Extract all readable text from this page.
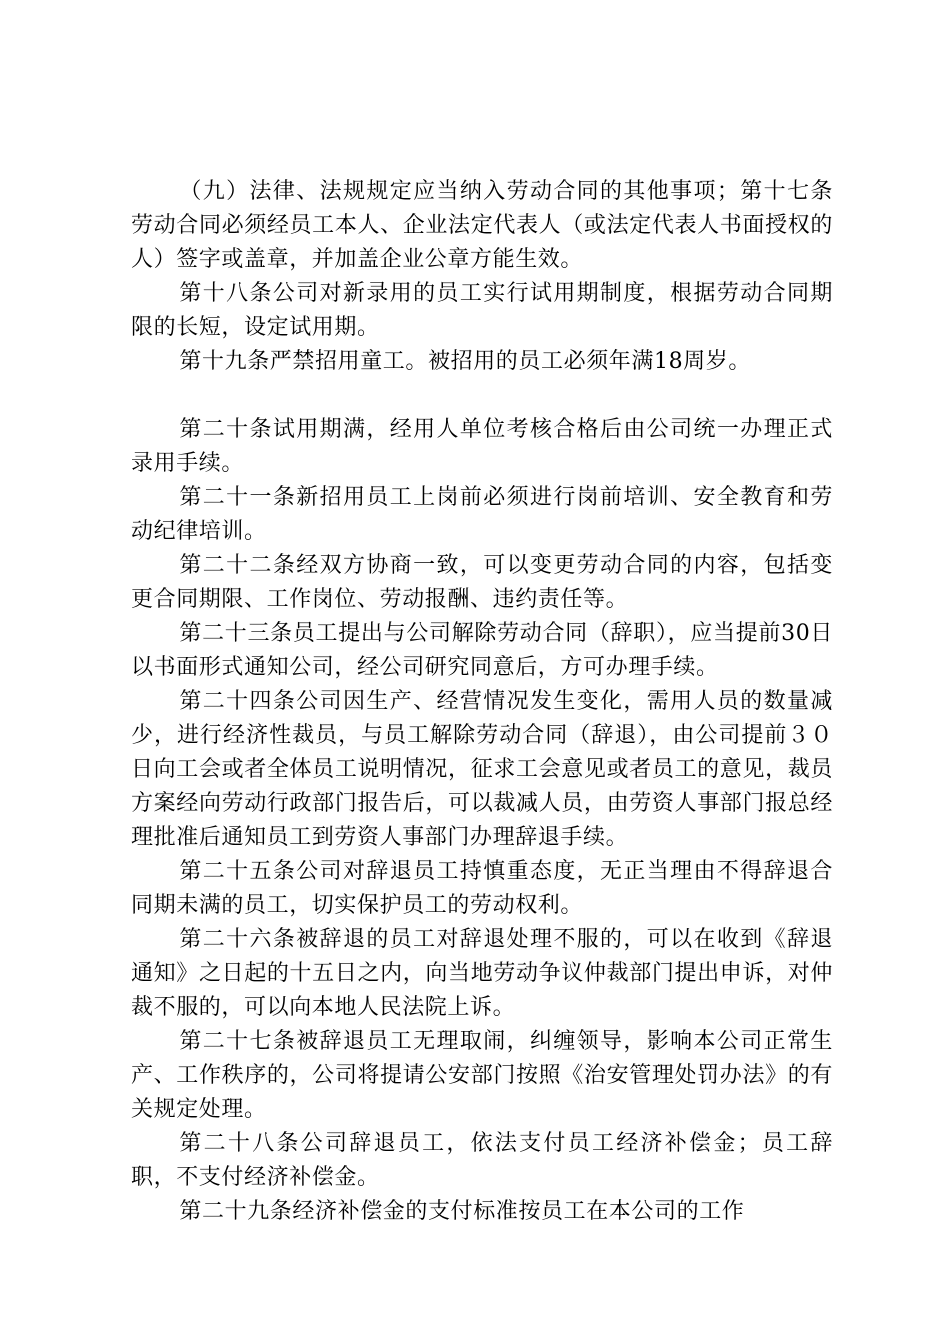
（九）法律、法规规定应当纳入劳动合同的其他事项；第十七条劳动合同必须经员工本人、企业法定代表人（或法定代表人书面授权的人）签字或盖章，并加盖企业公章方能生效。

第十八条公司对新录用的员工实行试用期制度，根据劳动合同期限的长短，设定试用期。

第十九条严禁招用童工。被招用的员工必须年满18周岁。

第二十条试用期满，经用人单位考核合格后由公司统一办理正式录用手续。

第二十一条新招用员工上岗前必须进行岗前培训、安全教育和劳动纪律培训。

第二十二条经双方协商一致，可以变更劳动合同的内容，包括变更合同期限、工作岗位、劳动报酬、违约责任等。

第二十三条员工提出与公司解除劳动合同（辞职），应当提前30日以书面形式通知公司，经公司研究同意后，方可办理手续。

第二十四条公司因生产、经营情况发生变化，需用人员的数量减少，进行经济性裁员，与员工解除劳动合同（辞退），由公司提前３０日向工会或者全体员工说明情况，征求工会意见或者员工的意见，裁员方案经向劳动行政部门报告后，可以裁减人员，由劳资人事部门报总经理批准后通知员工到劳资人事部门办理辞退手续。

第二十五条公司对辞退员工持慎重态度，无正当理由不得辞退合同期未满的员工，切实保护员工的劳动权利。

第二十六条被辞退的员工对辞退处理不服的，可以在收到《辞退通知》之日起的十五日之内，向当地劳动争议仲裁部门提出申诉，对仲裁不服的，可以向本地人民法院上诉。

第二十七条被辞退员工无理取闹，纠缠领导，影响本公司正常生产、工作秩序的，公司将提请公安部门按照《治安管理处罚办法》的有关规定处理。

第二十八条公司辞退员工，依法支付员工经济补偿金；员工辞职，不支付经济补偿金。

第二十九条经济补偿金的支付标准按员工在本公司的工作
